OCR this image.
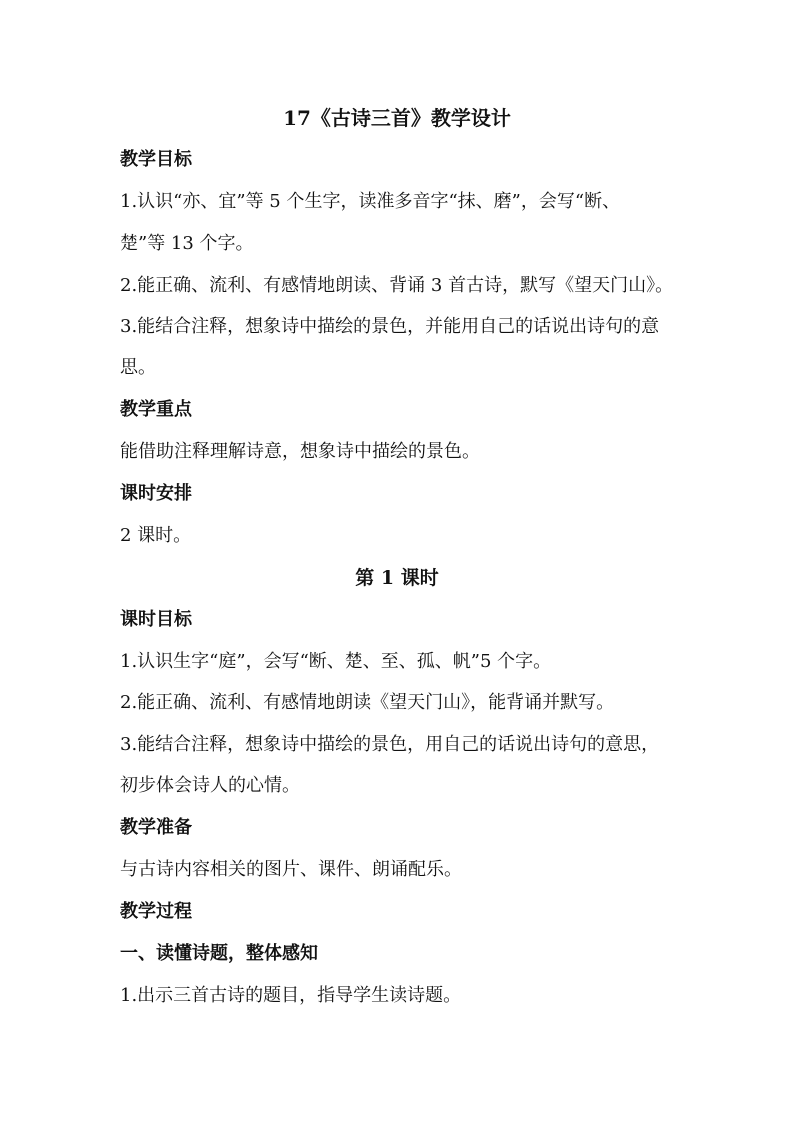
17《古诗三首》教学设计
教学目标
1.认识“亦、宜”等 5 个生字，读准多音字“抹、磨”，会写“断、
楚”等 13 个字。
2.能正确、流利、有感情地朗读、背诵 3 首古诗，默写《望天门山》。
3.能结合注释，想象诗中描绘的景色，并能用自己的话说出诗句的意
思。
教学重点
能借助注释理解诗意，想象诗中描绘的景色。
课时安排
2 课时。
第 1 课时
课时目标
1.认识生字“庭”，会写“断、楚、至、孤、帆”5 个字。
2.能正确、流利、有感情地朗读《望天门山》，能背诵并默写。
3.能结合注释，想象诗中描绘的景色，用自己的话说出诗句的意思，
初步体会诗人的心情。
教学准备
与古诗内容相关的图片、课件、朗诵配乐。
教学过程
一、读懂诗题，整体感知
1.出示三首古诗的题目，指导学生读诗题。
